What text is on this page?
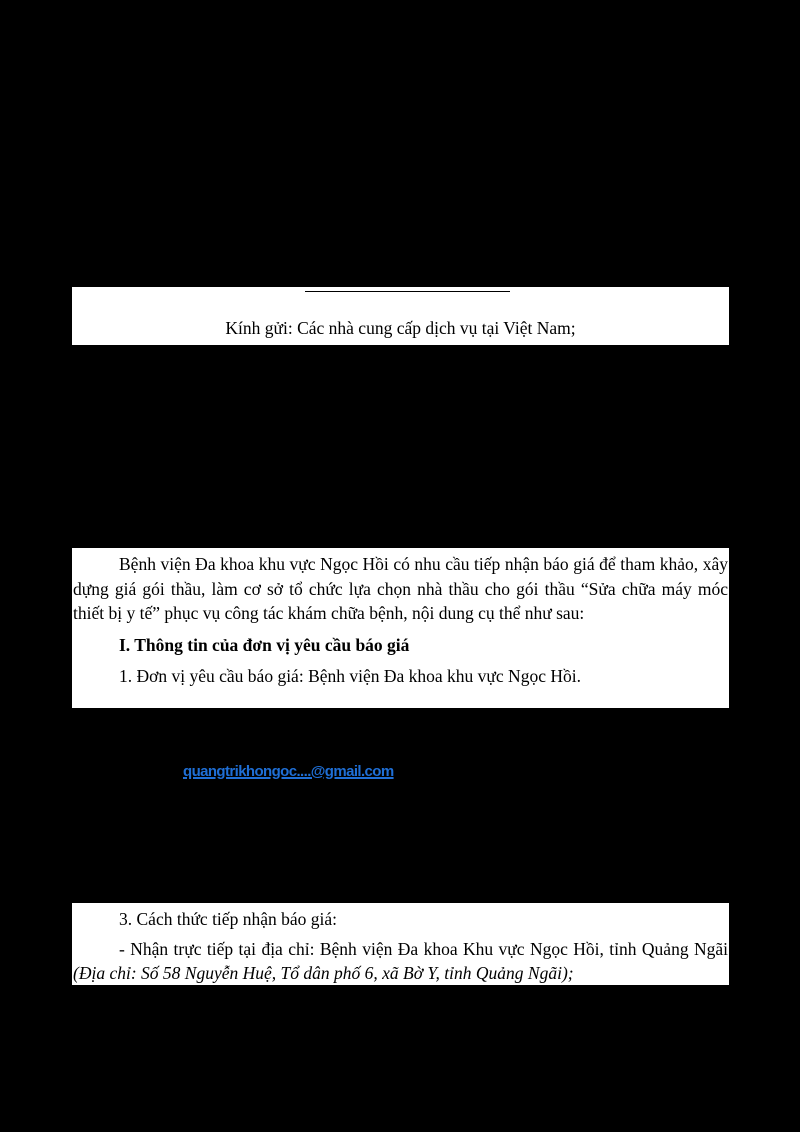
Kính gửi: Các nhà cung cấp dịch vụ tại Việt Nam;

Bệnh viện Đa khoa khu vực Ngọc Hồi có nhu cầu tiếp nhận báo giá để tham khảo, xây dựng giá gói thầu, làm cơ sở tổ chức lựa chọn nhà thầu cho gói thầu “Sửa chữa máy móc thiết bị y tế” phục vụ công tác khám chữa bệnh, nội dung cụ thể như sau:

I. Thông tin của đơn vị yêu cầu báo giá

1. Đơn vị yêu cầu báo giá: Bệnh viện Đa khoa khu vực Ngọc Hồi.

quangtrikhongoc....@gmail.com

3. Cách thức tiếp nhận báo giá:

- Nhận trực tiếp tại địa chỉ: Bệnh viện Đa khoa Khu vực Ngọc Hồi, tỉnh Quảng Ngãi (Địa chỉ: Số 58 Nguyễn Huệ, Tổ dân phố 6, xã Bờ Y, tỉnh Quảng Ngãi);
